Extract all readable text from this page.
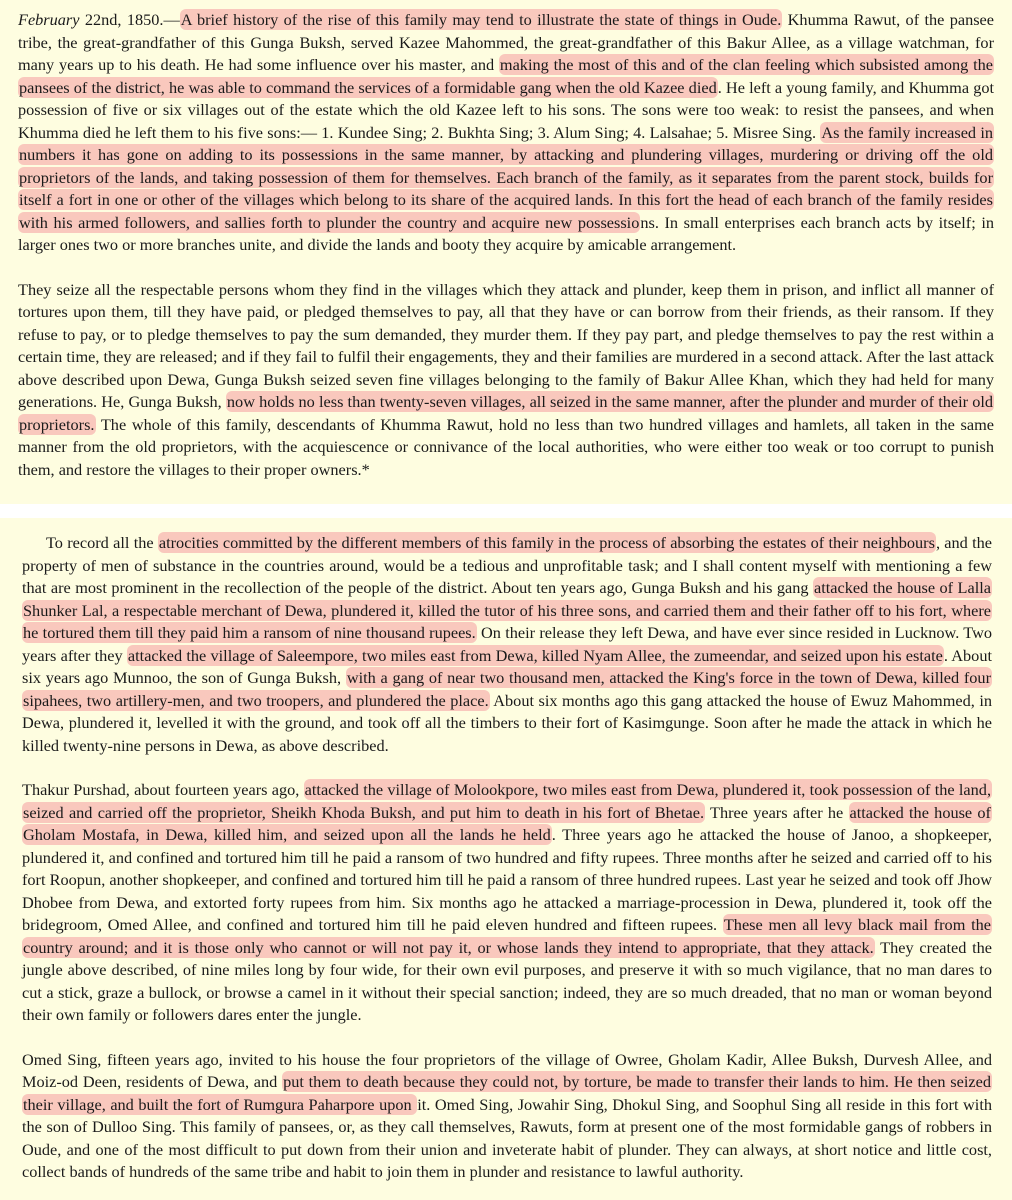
February 22nd, 1850.—A brief history of the rise of this family may tend to illustrate the state of things in Oude. Khumma Rawut, of the pansee tribe, the great-grandfather of this Gunga Buksh, served Kazee Mahommed, the great-grandfather of this Bakur Allee, as a village watchman, for many years up to his death. He had some influence over his master, and making the most of this and of the clan feeling which subsisted among the pansees of the district, he was able to command the services of a formidable gang when the old Kazee died. He left a young family, and Khumma got possession of five or six villages out of the estate which the old Kazee left to his sons. The sons were too weak: to resist the pansees, and when Khumma died he left them to his five sons:— 1. Kundee Sing; 2. Bukhta Sing; 3. Alum Sing; 4. Lalsahae; 5. Misree Sing. As the family increased in numbers it has gone on adding to its possessions in the same manner, by attacking and plundering villages, murdering or driving off the old proprietors of the lands, and taking possession of them for themselves. Each branch of the family, as it separates from the parent stock, builds for itself a fort in one or other of the villages which belong to its share of the acquired lands. In this fort the head of each branch of the family resides with his armed followers, and sallies forth to plunder the country and acquire new possessions. In small enterprises each branch acts by itself; in larger ones two or more branches unite, and divide the lands and booty they acquire by amicable arrangement.

They seize all the respectable persons whom they find in the villages which they attack and plunder, keep them in prison, and inflict all manner of tortures upon them, till they have paid, or pledged themselves to pay, all that they have or can borrow from their friends, as their ransom. If they refuse to pay, or to pledge themselves to pay the sum demanded, they murder them. If they pay part, and pledge themselves to pay the rest within a certain time, they are released; and if they fail to fulfil their engagements, they and their families are murdered in a second attack. After the last attack above described upon Dewa, Gunga Buksh seized seven fine villages belonging to the family of Bakur Allee Khan, which they had held for many generations. He, Gunga Buksh, now holds no less than twenty-seven villages, all seized in the same manner, after the plunder and murder of their old proprietors. The whole of this family, descendants of Khumma Rawut, hold no less than two hundred villages and hamlets, all taken in the same manner from the old proprietors, with the acquiescence or connivance of the local authorities, who were either too weak or too corrupt to punish them, and restore the villages to their proper owners.*

To record all the atrocities committed by the different members of this family in the process of absorbing the estates of their neighbours, and the property of men of substance in the countries around, would be a tedious and unprofitable task; and I shall content myself with mentioning a few that are most prominent in the recollection of the people of the district. About ten years ago, Gunga Buksh and his gang attacked the house of Lalla Shunker Lal, a respectable merchant of Dewa, plundered it, killed the tutor of his three sons, and carried them and their father off to his fort, where he tortured them till they paid him a ransom of nine thousand rupees. On their release they left Dewa, and have ever since resided in Lucknow. Two years after they attacked the village of Saleempore, two miles east from Dewa, killed Nyam Allee, the zumeendar, and seized upon his estate. About six years ago Munnoo, the son of Gunga Buksh, with a gang of near two thousand men, attacked the King's force in the town of Dewa, killed four sipahees, two artillery-men, and two troopers, and plundered the place. About six months ago this gang attacked the house of Ewuz Mahommed, in Dewa, plundered it, levelled it with the ground, and took off all the timbers to their fort of Kasimgunge. Soon after he made the attack in which he killed twenty-nine persons in Dewa, as above described.

Thakur Purshad, about fourteen years ago, attacked the village of Molookpore, two miles east from Dewa, plundered it, took possession of the land, seized and carried off the proprietor, Sheikh Khoda Buksh, and put him to death in his fort of Bhetae. Three years after he attacked the house of Gholam Mostafa, in Dewa, killed him, and seized upon all the lands he held. Three years ago he attacked the house of Janoo, a shopkeeper, plundered it, and confined and tortured him till he paid a ransom of two hundred and fifty rupees. Three months after he seized and carried off to his fort Roopun, another shopkeeper, and confined and tortured him till he paid a ransom of three hundred rupees. Last year he seized and took off Jhow Dhobee from Dewa, and extorted forty rupees from him. Six months ago he attacked a marriage-procession in Dewa, plundered it, took off the bridegroom, Omed Allee, and confined and tortured him till he paid eleven hundred and fifteen rupees. These men all levy black mail from the country around; and it is those only who cannot or will not pay it, or whose lands they intend to appropriate, that they attack. They created the jungle above described, of nine miles long by four wide, for their own evil purposes, and preserve it with so much vigilance, that no man dares to cut a stick, graze a bullock, or browse a camel in it without their special sanction; indeed, they are so much dreaded, that no man or woman beyond their own family or followers dares enter the jungle.

Omed Sing, fifteen years ago, invited to his house the four proprietors of the village of Owree, Gholam Kadir, Allee Buksh, Durvesh Allee, and Moiz-od Deen, residents of Dewa, and put them to death because they could not, by torture, be made to transfer their lands to him. He then seized their village, and built the fort of Rumgura Paharpore upon it. Omed Sing, Jowahir Sing, Dhokul Sing, and Soophul Sing all reside in this fort with the son of Dulloo Sing. This family of pansees, or, as they call themselves, Rawuts, form at present one of the most formidable gangs of robbers in Oude, and one of the most difficult to put down from their union and inveterate habit of plunder. They can always, at short notice and little cost, collect bands of hundreds of the same tribe and habit to join them in plunder and resistance to lawful authority.
